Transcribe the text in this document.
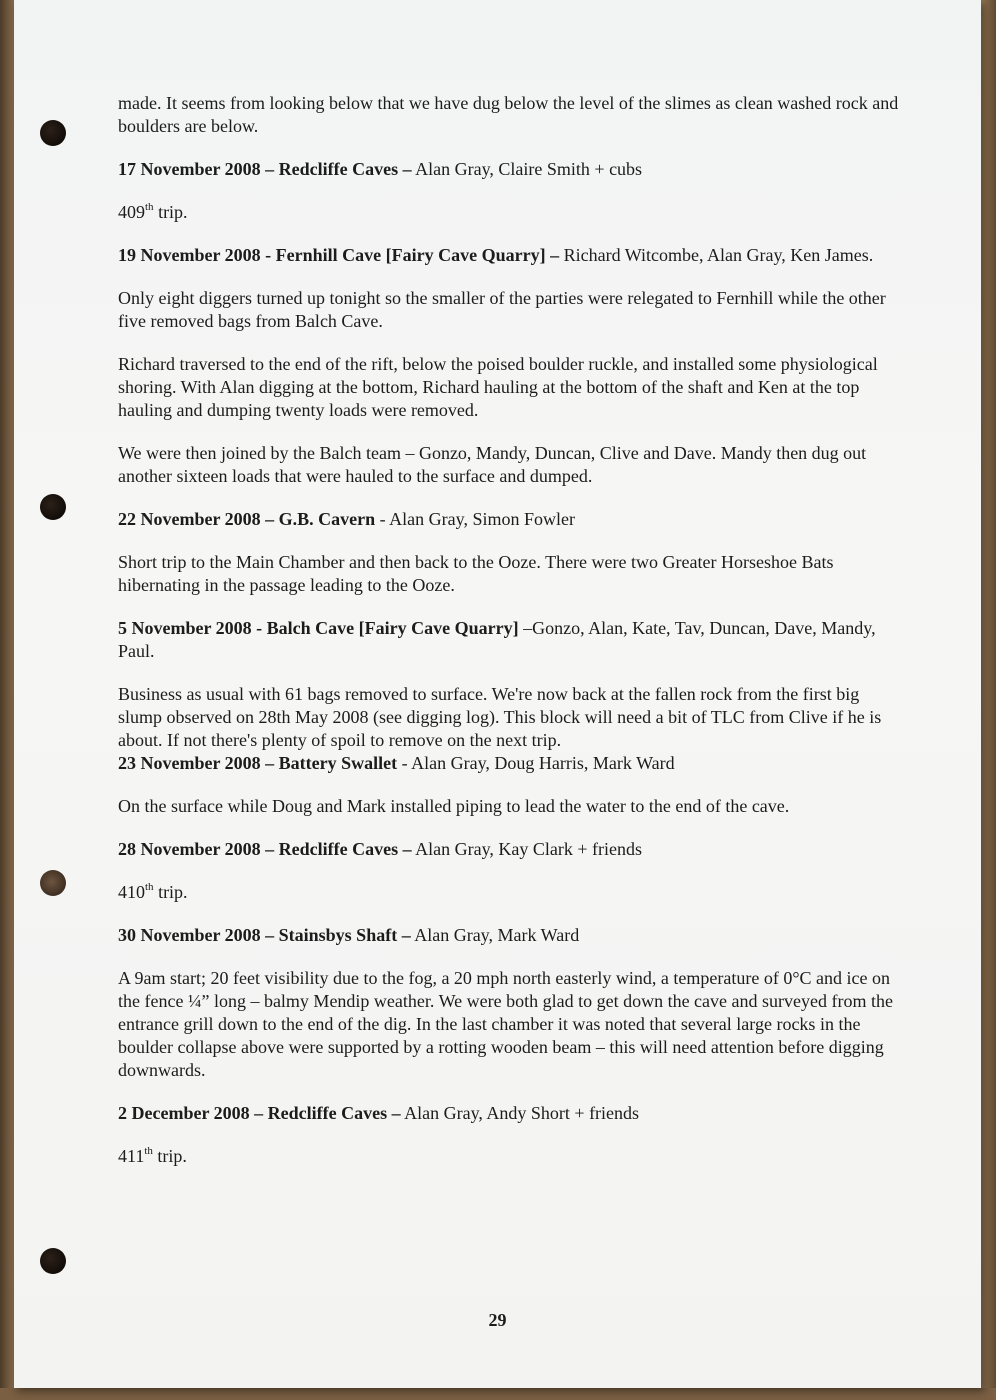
made. It seems from looking below that we have dug below the level of the slimes as clean washed rock and boulders are below.

17 November 2008 – Redcliffe Caves – Alan Gray, Claire Smith + cubs

409th trip.

19 November 2008 - Fernhill Cave [Fairy Cave Quarry] – Richard Witcombe, Alan Gray, Ken James.

Only eight diggers turned up tonight so the smaller of the parties were relegated to Fernhill while the other five removed bags from Balch Cave.

Richard traversed to the end of the rift, below the poised boulder ruckle, and installed some physiological shoring. With Alan digging at the bottom, Richard hauling at the bottom of the shaft and Ken at the top hauling and dumping twenty loads were removed.

We were then joined by the Balch team – Gonzo, Mandy, Duncan, Clive and Dave. Mandy then dug out another sixteen loads that were hauled to the surface and dumped.

22 November 2008 – G.B. Cavern - Alan Gray, Simon Fowler

Short trip to the Main Chamber and then back to the Ooze. There were two Greater Horseshoe Bats hibernating in the passage leading to the Ooze.

5 November 2008 - Balch Cave [Fairy Cave Quarry] –Gonzo, Alan, Kate, Tav, Duncan, Dave, Mandy, Paul.

Business as usual with 61 bags removed to surface. We're now back at the fallen rock from the first big slump observed on 28th May 2008 (see digging log). This block will need a bit of TLC from Clive if he is about. If not there's plenty of spoil to remove on the next trip.

23 November 2008 – Battery Swallet - Alan Gray, Doug Harris, Mark Ward

On the surface while Doug and Mark installed piping to lead the water to the end of the cave.

28 November 2008 – Redcliffe Caves – Alan Gray, Kay Clark + friends

410th trip.

30 November 2008 – Stainsbys Shaft – Alan Gray, Mark Ward

A 9am start; 20 feet visibility due to the fog, a 20 mph north easterly wind, a temperature of 0°C and ice on the fence ¼” long – balmy Mendip weather. We were both glad to get down the cave and surveyed from the entrance grill down to the end of the dig. In the last chamber it was noted that several large rocks in the boulder collapse above were supported by a rotting wooden beam – this will need attention before digging downwards.

2 December 2008 – Redcliffe Caves – Alan Gray, Andy Short + friends

411th trip.

29
